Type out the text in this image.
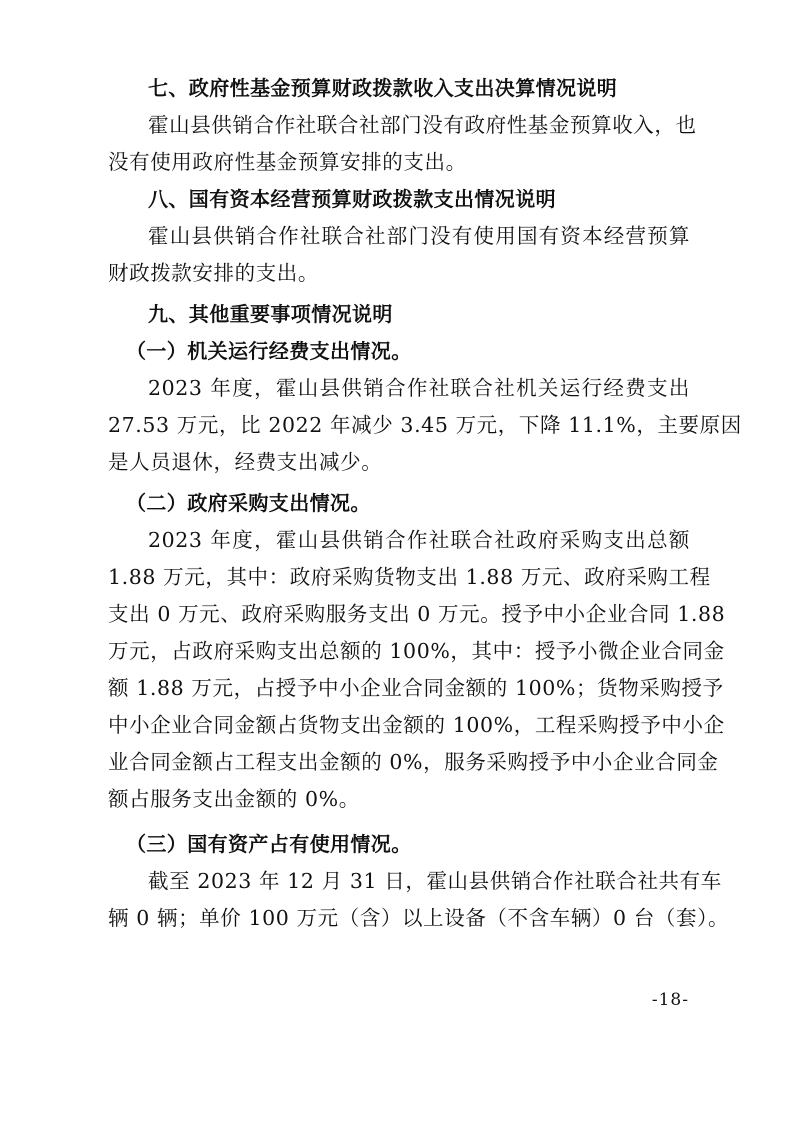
七、政府性基金预算财政拨款收入支出决算情况说明
霍山县供销合作社联合社部门没有政府性基金预算收入，也
没有使用政府性基金预算安排的支出。
八、国有资本经营预算财政拨款支出情况说明
霍山县供销合作社联合社部门没有使用国有资本经营预算
财政拨款安排的支出。
九、其他重要事项情况说明
（一）机关运行经费支出情况。
2023 年度，霍山县供销合作社联合社机关运行经费支出
27.53 万元，比 2022 年减少 3.45 万元，下降 11.1%，主要原因
是人员退休，经费支出减少。
（二）政府采购支出情况。
2023 年度，霍山县供销合作社联合社政府采购支出总额
1.88 万元，其中：政府采购货物支出 1.88 万元、政府采购工程
支出 0 万元、政府采购服务支出 0 万元。授予中小企业合同 1.88
万元，占政府采购支出总额的 100%，其中：授予小微企业合同金
额 1.88 万元，占授予中小企业合同金额的 100%；货物采购授予
中小企业合同金额占货物支出金额的 100%，工程采购授予中小企
业合同金额占工程支出金额的 0%，服务采购授予中小企业合同金
额占服务支出金额的 0%。
（三）国有资产占有使用情况。
截至 2023 年 12 月 31 日，霍山县供销合作社联合社共有车
辆 0 辆；单价 100 万元（含）以上设备（不含车辆）0 台（套）。
-18-
